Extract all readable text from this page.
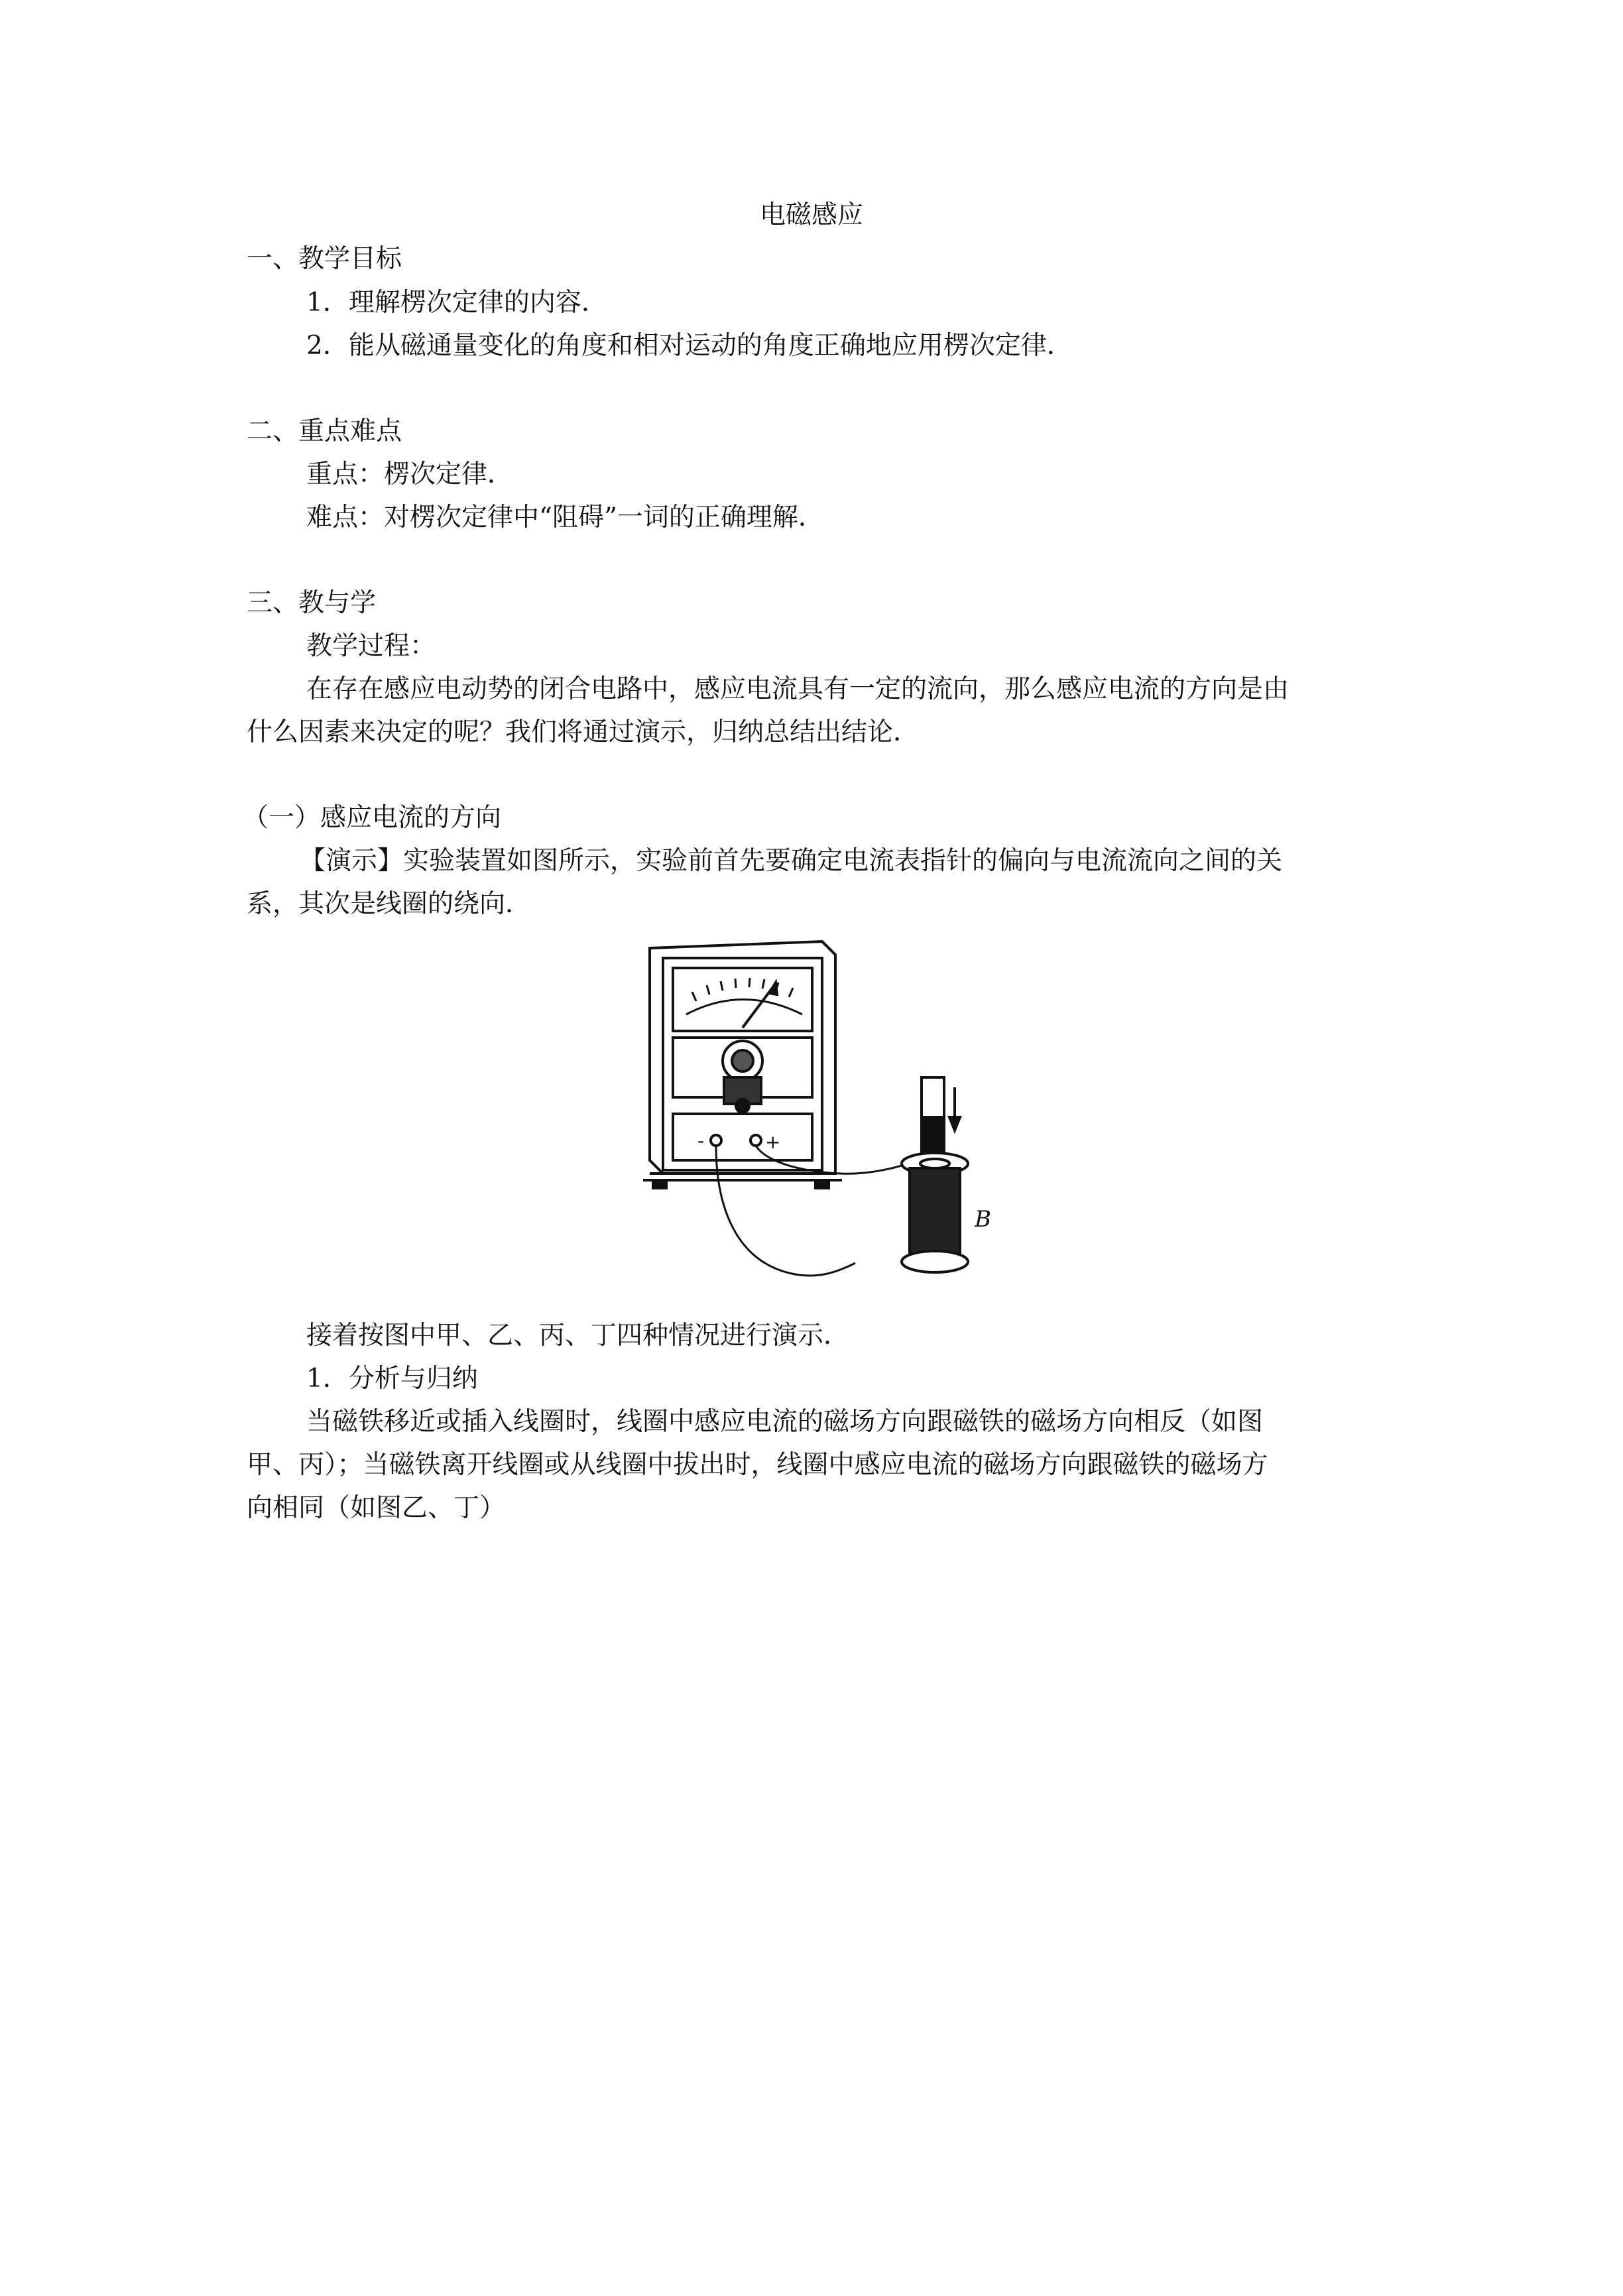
电磁感应
一、教学目标
1．理解楞次定律的内容．
2．能从磁通量变化的角度和相对运动的角度正确地应用楞次定律．
二、重点难点
重点：楞次定律．
难点：对楞次定律中“阻碍”一词的正确理解．
三、教与学
教学过程：
在存在感应电动势的闭合电路中，感应电流具有一定的流向，那么感应电流的方向是由
什么因素来决定的呢？我们将通过演示，归纳总结出结论．
（一）感应电流的方向
【演示】实验装置如图所示，实验前首先要确定电流表指针的偏向与电流流向之间的关
系，其次是线圈的绕向．
-	+
B
接着按图中甲、乙、丙、丁四种情况进行演示．
1．分析与归纳
当磁铁移近或插入线圈时，线圈中感应电流的磁场方向跟磁铁的磁场方向相反（如图
甲、丙）；当磁铁离开线圈或从线圈中拔出时，线圈中感应电流的磁场方向跟磁铁的磁场方
向相同（如图乙、丁）
